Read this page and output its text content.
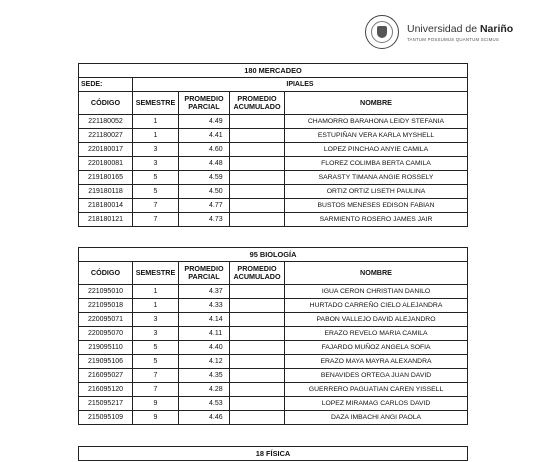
Universidad de Nariño
TANTUM POSSUMUS QUANTUM SCIMUS
180 MERCADEO				
SEDE:	IPIALES			
CÓDIGO	SEMESTRE	PROMEDIO PARCIAL	PROMEDIO ACUMULADO	NOMBRE
221180052	1	4.49		CHAMORRO BARAHONA LEIDY STEFANIA
221180027	1	4.41		ESTUPIÑAN VERA KARLA MYSHELL
220180017	3	4.60		LOPEZ PINCHAO ANYIE CAMILA
220180081	3	4.48		FLOREZ COLIMBA BERTA CAMILA
219180165	5	4.59		SARASTY TIMANA ANGIE ROSSELY
219180118	5	4.50		ORTIZ ORTIZ LISETH PAULINA
218180014	7	4.77		BUSTOS MENESES EDISON FABIAN
218180121	7	4.73		SARMIENTO ROSERO JAMES JAIR
95 BIOLOGÍA				
CÓDIGO	SEMESTRE	PROMEDIO PARCIAL	PROMEDIO ACUMULADO	NOMBRE
221095010	1	4.37		IGUA CERON CHRISTIAN DANILO
221095018	1	4.33		HURTADO CARREÑO CIELO ALEJANDRA
220095071	3	4.14		PABON VALLEJO DAVID ALEJANDRO
220095070	3	4.11		ERAZO REVELO MARIA CAMILA
219095110	5	4.40		FAJARDO MUÑOZ ANGELA SOFIA
219095106	5	4.12		ERAZO MAYA MAYRA ALEXANDRA
216095027	7	4.35		BENAVIDES ORTEGA JUAN DAVID
216095120	7	4.28		GUERRERO PAGUATIAN CAREN YISSELL
215095217	9	4.53		LOPEZ MIRAMAG CARLOS DAVID
215095109	9	4.46		DAZA IMBACHI ANGI PAOLA
18 FÍSICA
